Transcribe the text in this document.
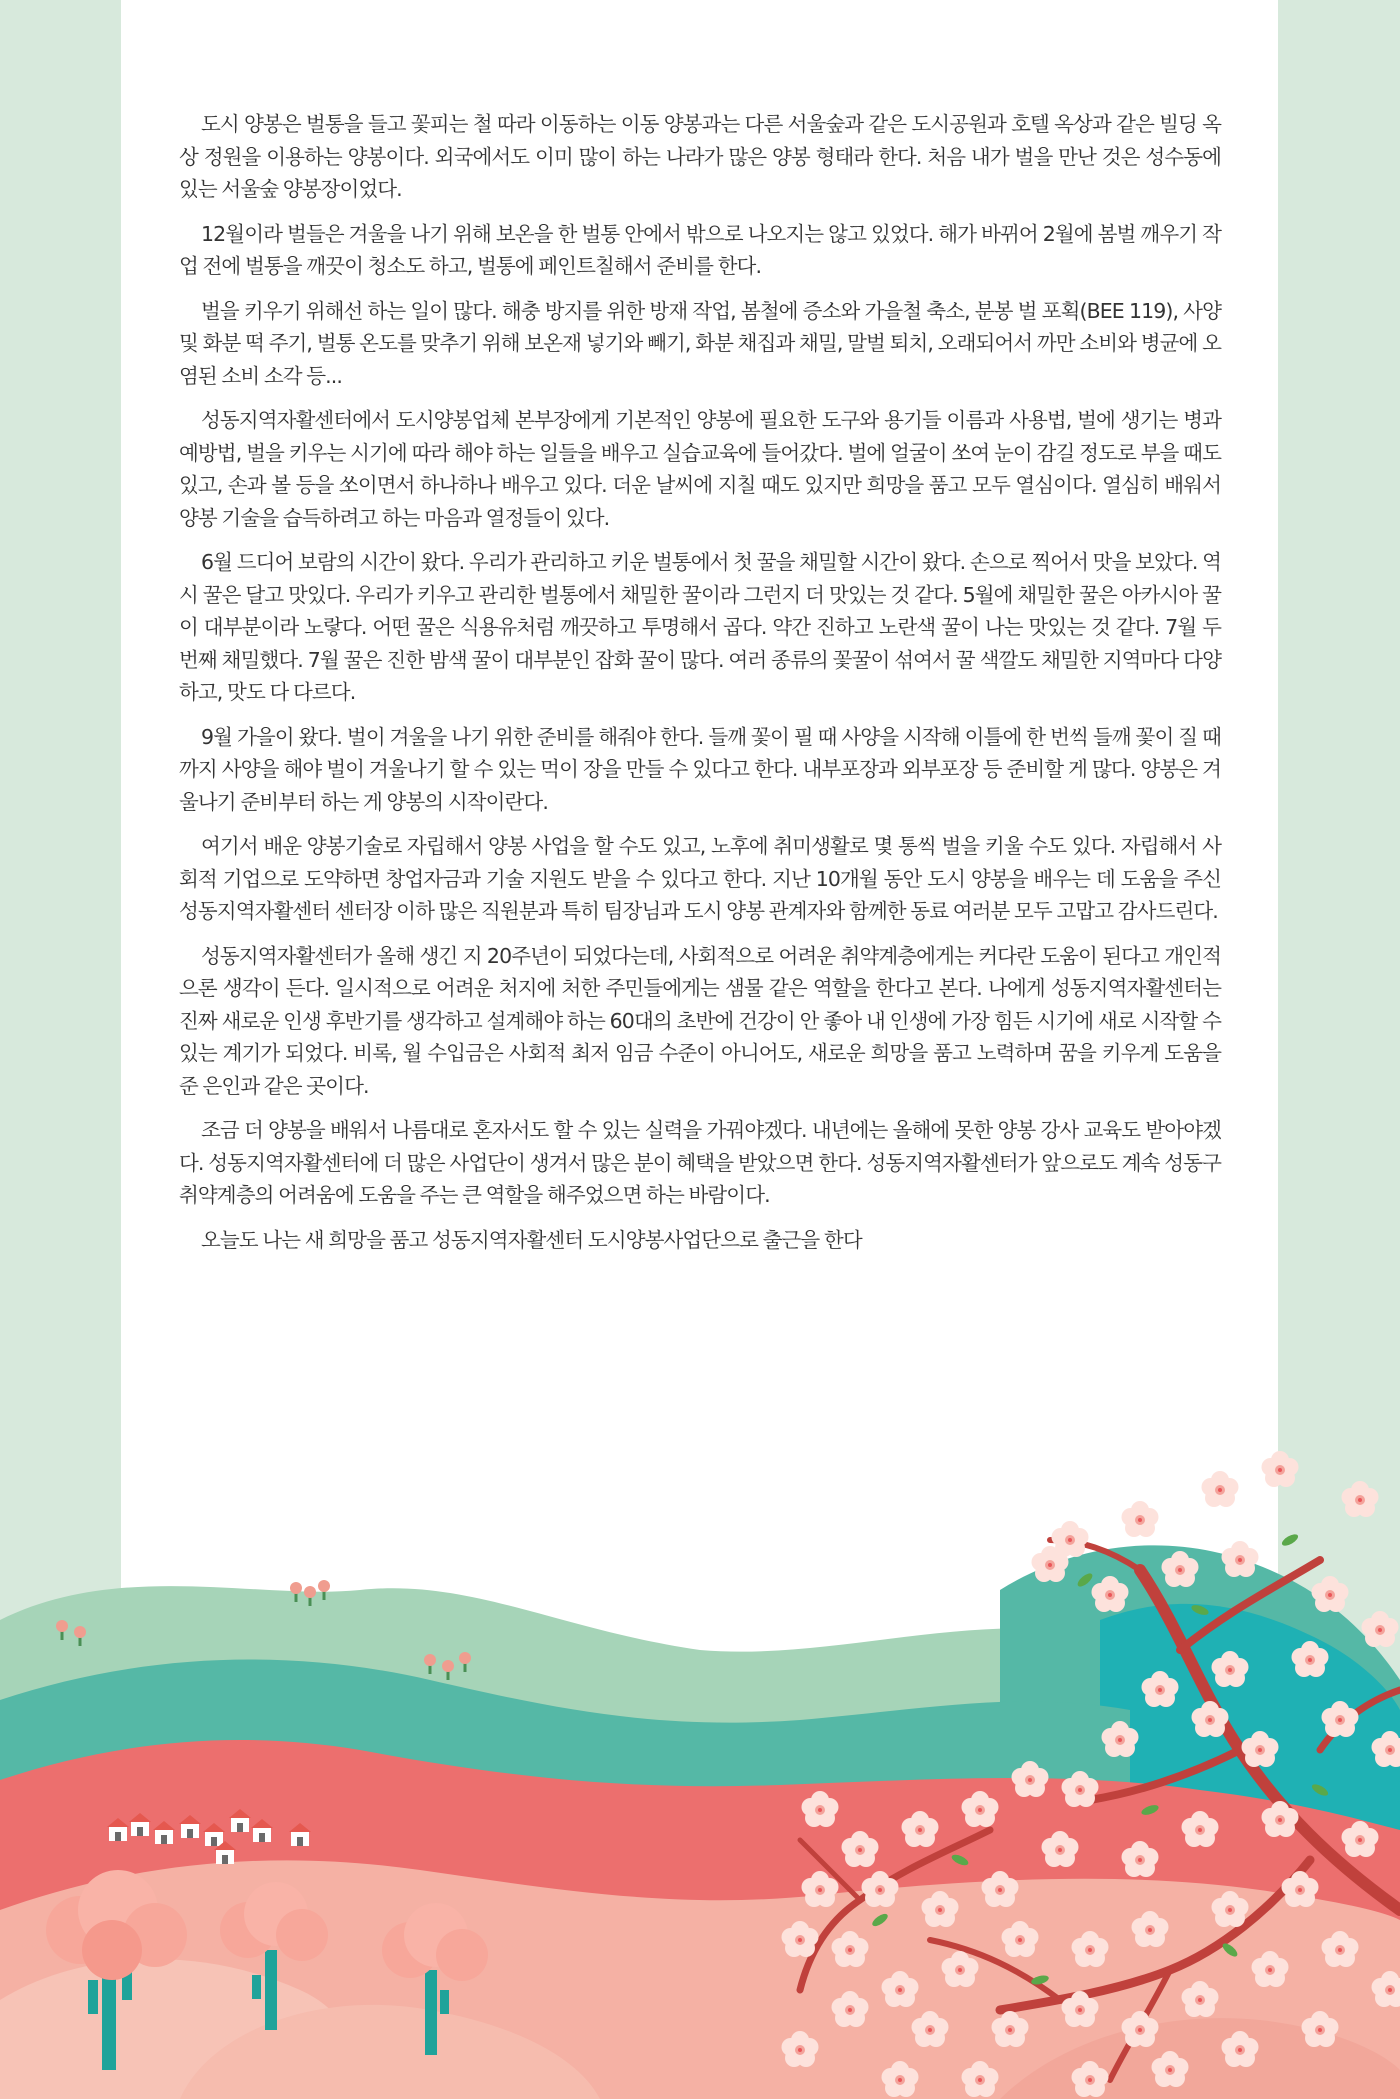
도시 양봉은 벌통을 들고 꽃피는 철 따라 이동하는 이동 양봉과는 다른 서울숲과 같은 도시공원과 호텔 옥상과 같은 빌딩 옥상 정원을 이용하는 양봉이다. 외국에서도 이미 많이 하는 나라가 많은 양봉 형태라 한다. 처음 내가 벌을 만난 것은 성수동에 있는 서울숲 양봉장이었다.

12월이라 벌들은 겨울을 나기 위해 보온을 한 벌통 안에서 밖으로 나오지는 않고 있었다. 해가 바뀌어 2월에 봄벌 깨우기 작업 전에 벌통을 깨끗이 청소도 하고, 벌통에 페인트칠해서 준비를 한다.

벌을 키우기 위해선 하는 일이 많다. 해충 방지를 위한 방재 작업, 봄철에 증소와 가을철 축소, 분봉 벌 포획(BEE 119), 사양 및 화분 떡 주기, 벌통 온도를 맞추기 위해 보온재 넣기와 빼기, 화분 채집과 채밀, 말벌 퇴치, 오래되어서 까만 소비와 병균에 오염된 소비 소각 등...

성동지역자활센터에서 도시양봉업체 본부장에게 기본적인 양봉에 필요한 도구와 용기들 이름과 사용법, 벌에 생기는 병과 예방법, 벌을 키우는 시기에 따라 해야 하는 일들을 배우고 실습교육에 들어갔다. 벌에 얼굴이 쏘여 눈이 감길 정도로 부을 때도 있고, 손과 볼 등을 쏘이면서 하나하나 배우고 있다. 더운 날씨에 지칠 때도 있지만 희망을 품고 모두 열심이다. 열심히 배워서 양봉 기술을 습득하려고 하는 마음과 열정들이 있다.

6월 드디어 보람의 시간이 왔다. 우리가 관리하고 키운 벌통에서 첫 꿀을 채밀할 시간이 왔다. 손으로 찍어서 맛을 보았다. 역시 꿀은 달고 맛있다. 우리가 키우고 관리한 벌통에서 채밀한 꿀이라 그런지 더 맛있는 것 같다. 5월에 채밀한 꿀은 아카시아 꿀이 대부분이라 노랗다. 어떤 꿀은 식용유처럼 깨끗하고 투명해서 곱다. 약간 진하고 노란색 꿀이 나는 맛있는 것 같다. 7월 두 번째 채밀했다. 7월 꿀은 진한 밤색 꿀이 대부분인 잡화 꿀이 많다. 여러 종류의 꽃꿀이 섞여서 꿀 색깔도 채밀한 지역마다 다양하고, 맛도 다 다르다.

9월 가을이 왔다. 벌이 겨울을 나기 위한 준비를 해줘야 한다. 들깨 꽃이 필 때 사양을 시작해 이틀에 한 번씩 들깨 꽃이 질 때까지 사양을 해야 벌이 겨울나기 할 수 있는 먹이 장을 만들 수 있다고 한다. 내부포장과 외부포장 등 준비할 게 많다. 양봉은 겨울나기 준비부터 하는 게 양봉의 시작이란다.

여기서 배운 양봉기술로 자립해서 양봉 사업을 할 수도 있고, 노후에 취미생활로 몇 통씩 벌을 키울 수도 있다. 자립해서 사회적 기업으로 도약하면 창업자금과 기술 지원도 받을 수 있다고 한다. 지난 10개월 동안 도시 양봉을 배우는 데 도움을 주신 성동지역자활센터 센터장 이하 많은 직원분과 특히 팀장님과 도시 양봉 관계자와 함께한 동료 여러분 모두 고맙고 감사드린다.

성동지역자활센터가 올해 생긴 지 20주년이 되었다는데, 사회적으로 어려운 취약계층에게는 커다란 도움이 된다고 개인적으론 생각이 든다. 일시적으로 어려운 처지에 처한 주민들에게는 샘물 같은 역할을 한다고 본다. 나에게 성동지역자활센터는 진짜 새로운 인생 후반기를 생각하고 설계해야 하는 60대의 초반에 건강이 안 좋아 내 인생에 가장 힘든 시기에 새로 시작할 수 있는 계기가 되었다. 비록, 월 수입금은 사회적 최저 임금 수준이 아니어도, 새로운 희망을 품고 노력하며 꿈을 키우게 도움을 준 은인과 같은 곳이다.

조금 더 양봉을 배워서 나름대로 혼자서도 할 수 있는 실력을 가꿔야겠다. 내년에는 올해에 못한 양봉 강사 교육도 받아야겠다. 성동지역자활센터에 더 많은 사업단이 생겨서 많은 분이 혜택을 받았으면 한다. 성동지역자활센터가 앞으로도 계속 성동구 취약계층의 어려움에 도움을 주는 큰 역할을 해주었으면 하는 바람이다.

오늘도 나는 새 희망을 품고 성동지역자활센터 도시양봉사업단으로 출근을 한다
